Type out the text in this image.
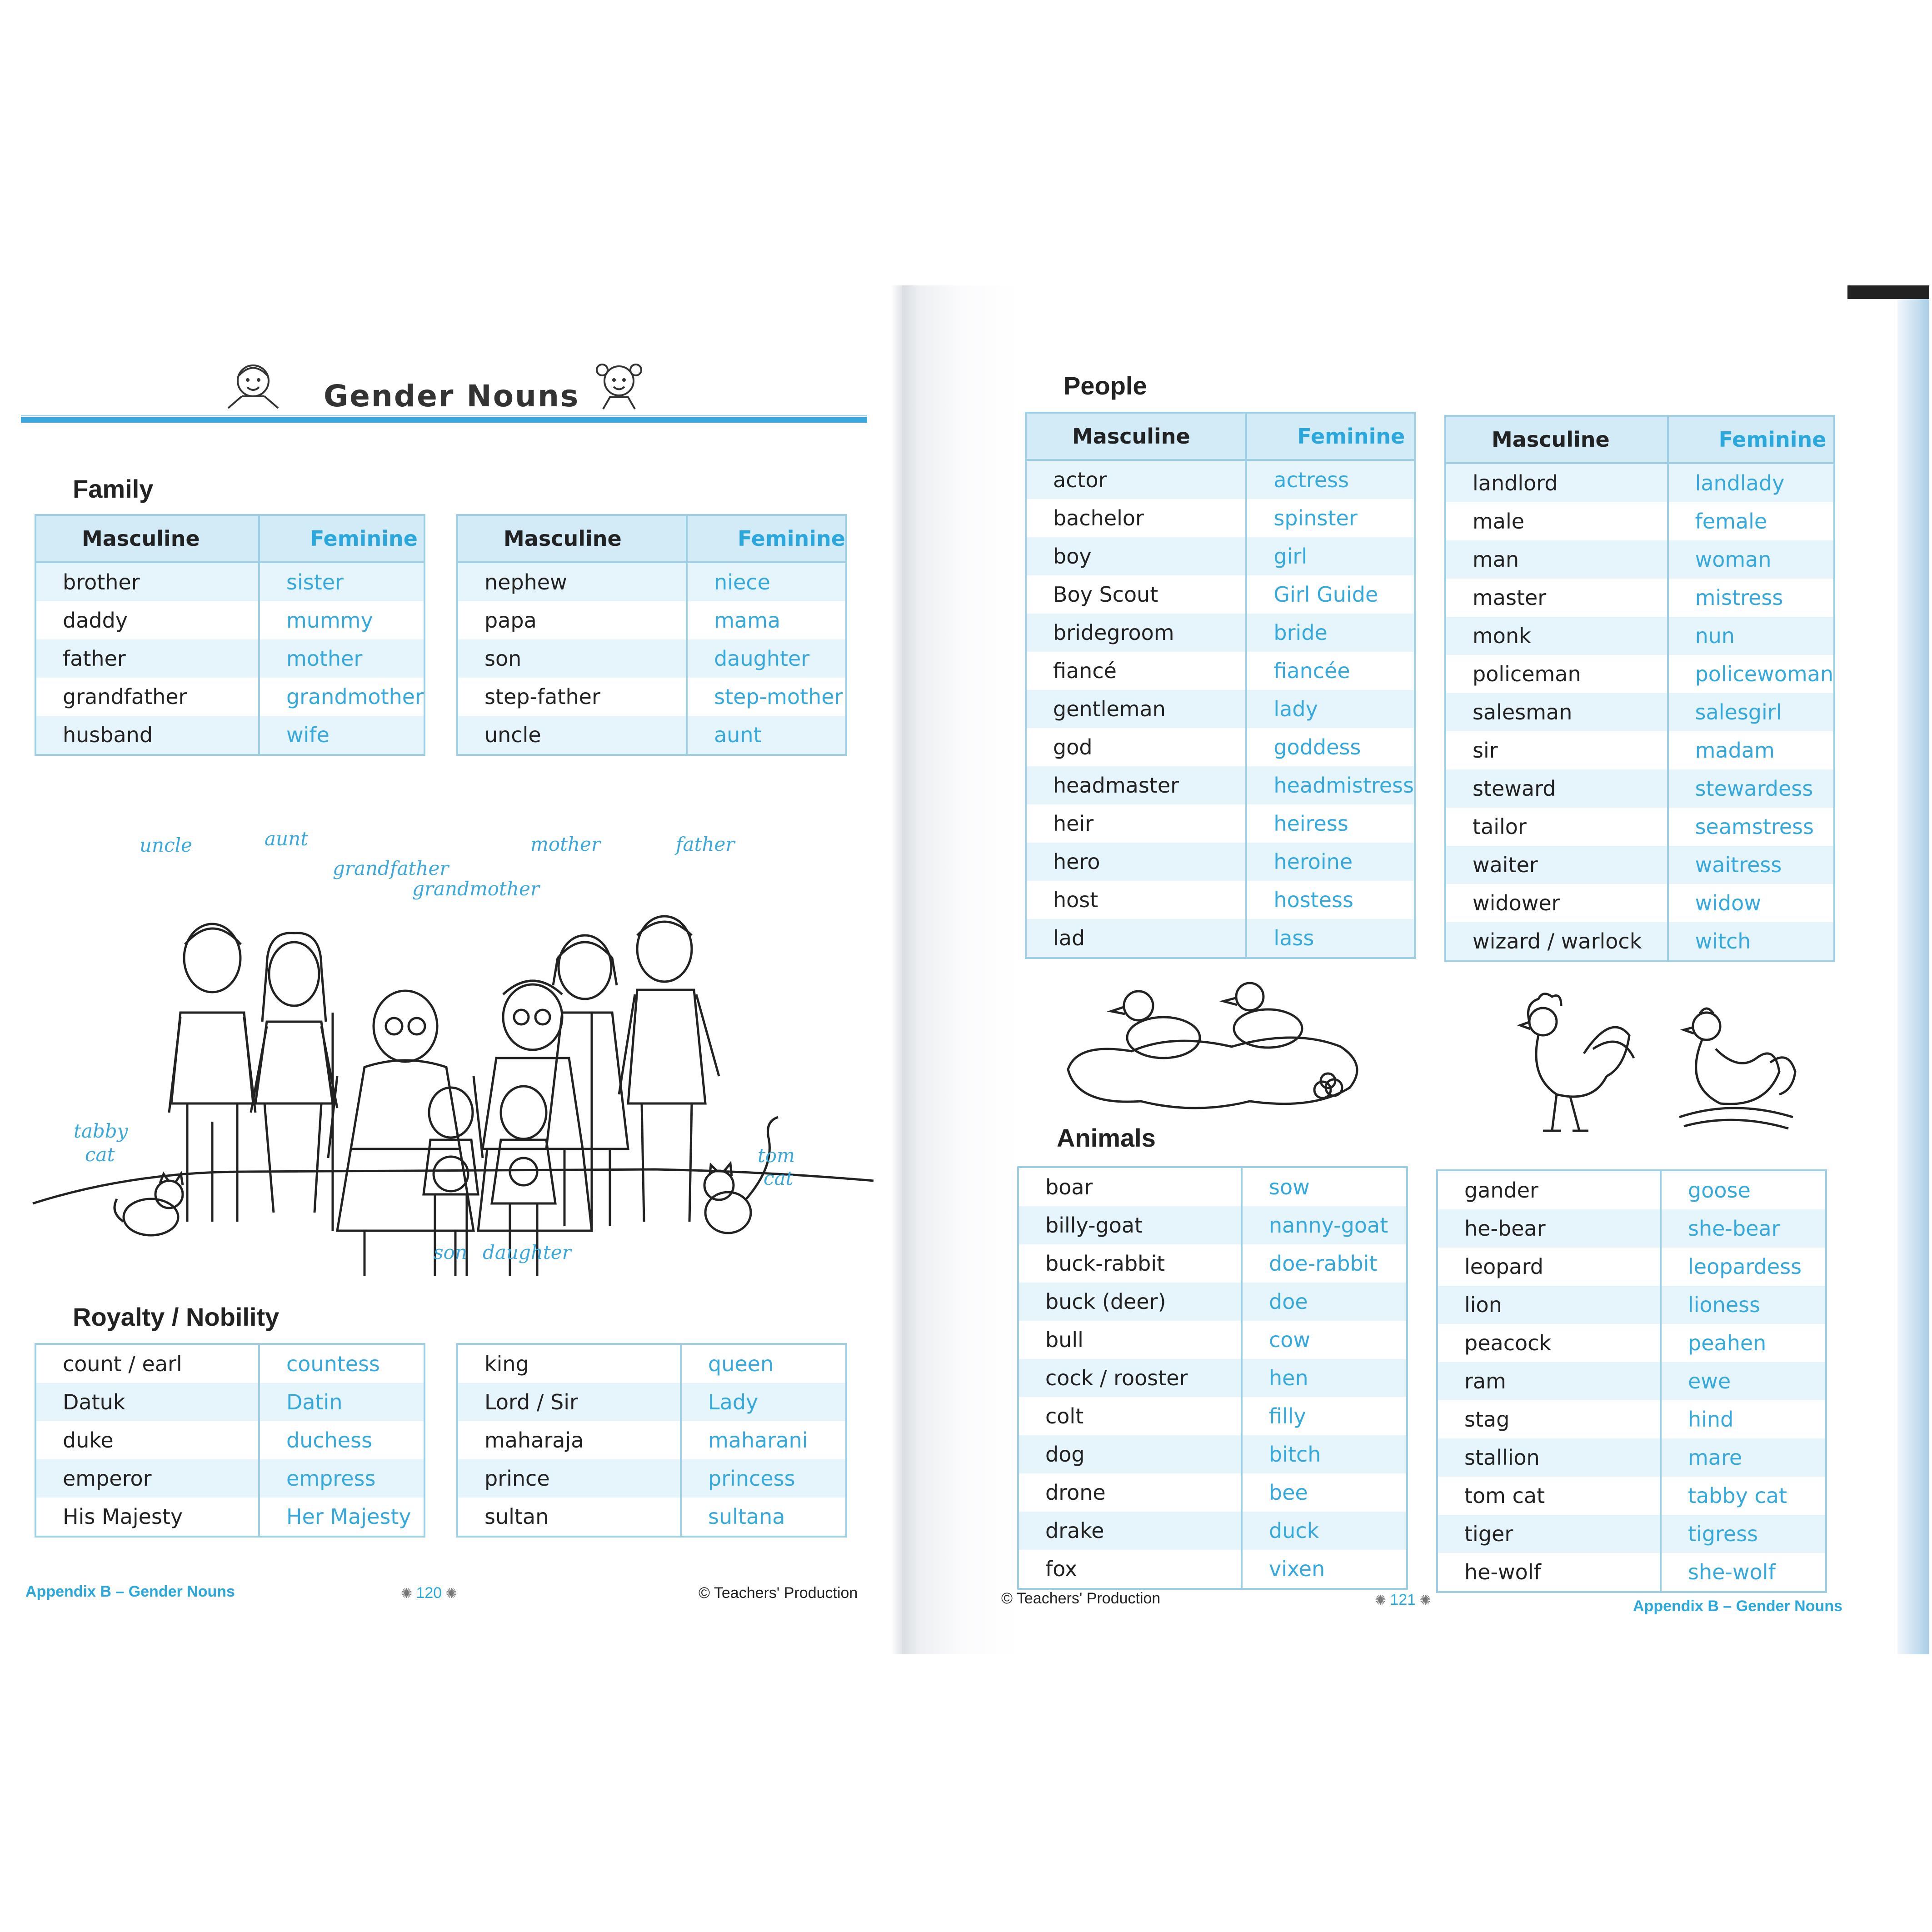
Gender Nouns
Family
Masculine	Feminine
brother	sister
daddy	mummy
father	mother
grandfather	grandmother
husband	wife
Masculine	Feminine
nephew	niece
papa	mama
son	daughter
step-father	step-mother
uncle	aunt
uncle	aunt
grandfather
grandmother
mother	father
tabby
cat	tom
cat
son daughter
Royalty / Nobility
count / earl	countess
Datuk	Datin
duke	duchess
emperor	empress
His Majesty	Her Majesty
king	queen
Lord / Sir	Lady
maharaja	maharani
prince	princess
sultan	sultana
Appendix B – Gender Nouns	✺ 120 ✺	© Teachers' Production
People
Masculine	Feminine
actor	actress
bachelor	spinster
boy	girl
Boy Scout	Girl Guide
bridegroom	bride
fiancé	fiancée
gentleman	lady
god	goddess
headmaster	headmistress
heir	heiress
hero	heroine
host	hostess
lad	lass
Masculine	Feminine
landlord	landlady
male	female
man	woman
master	mistress
monk	nun
policeman	policewoman
salesman	salesgirl
sir	madam
steward	stewardess
tailor	seamstress
waiter	waitress
widower	widow
wizard / warlock	witch
Animals
boar	sow
billy-goat	nanny-goat
buck-rabbit	doe-rabbit
buck (deer)	doe
bull	cow
cock / rooster	hen
colt	filly
dog	bitch
drone	bee
drake	duck
fox	vixen
gander	goose
he-bear	she-bear
leopard	leopardess
lion	lioness
peacock	peahen
ram	ewe
stag	hind
stallion	mare
tom cat	tabby cat
tiger	tigress
he-wolf	she-wolf
© Teachers' Production	✺ 121 ✺	Appendix B – Gender Nouns
